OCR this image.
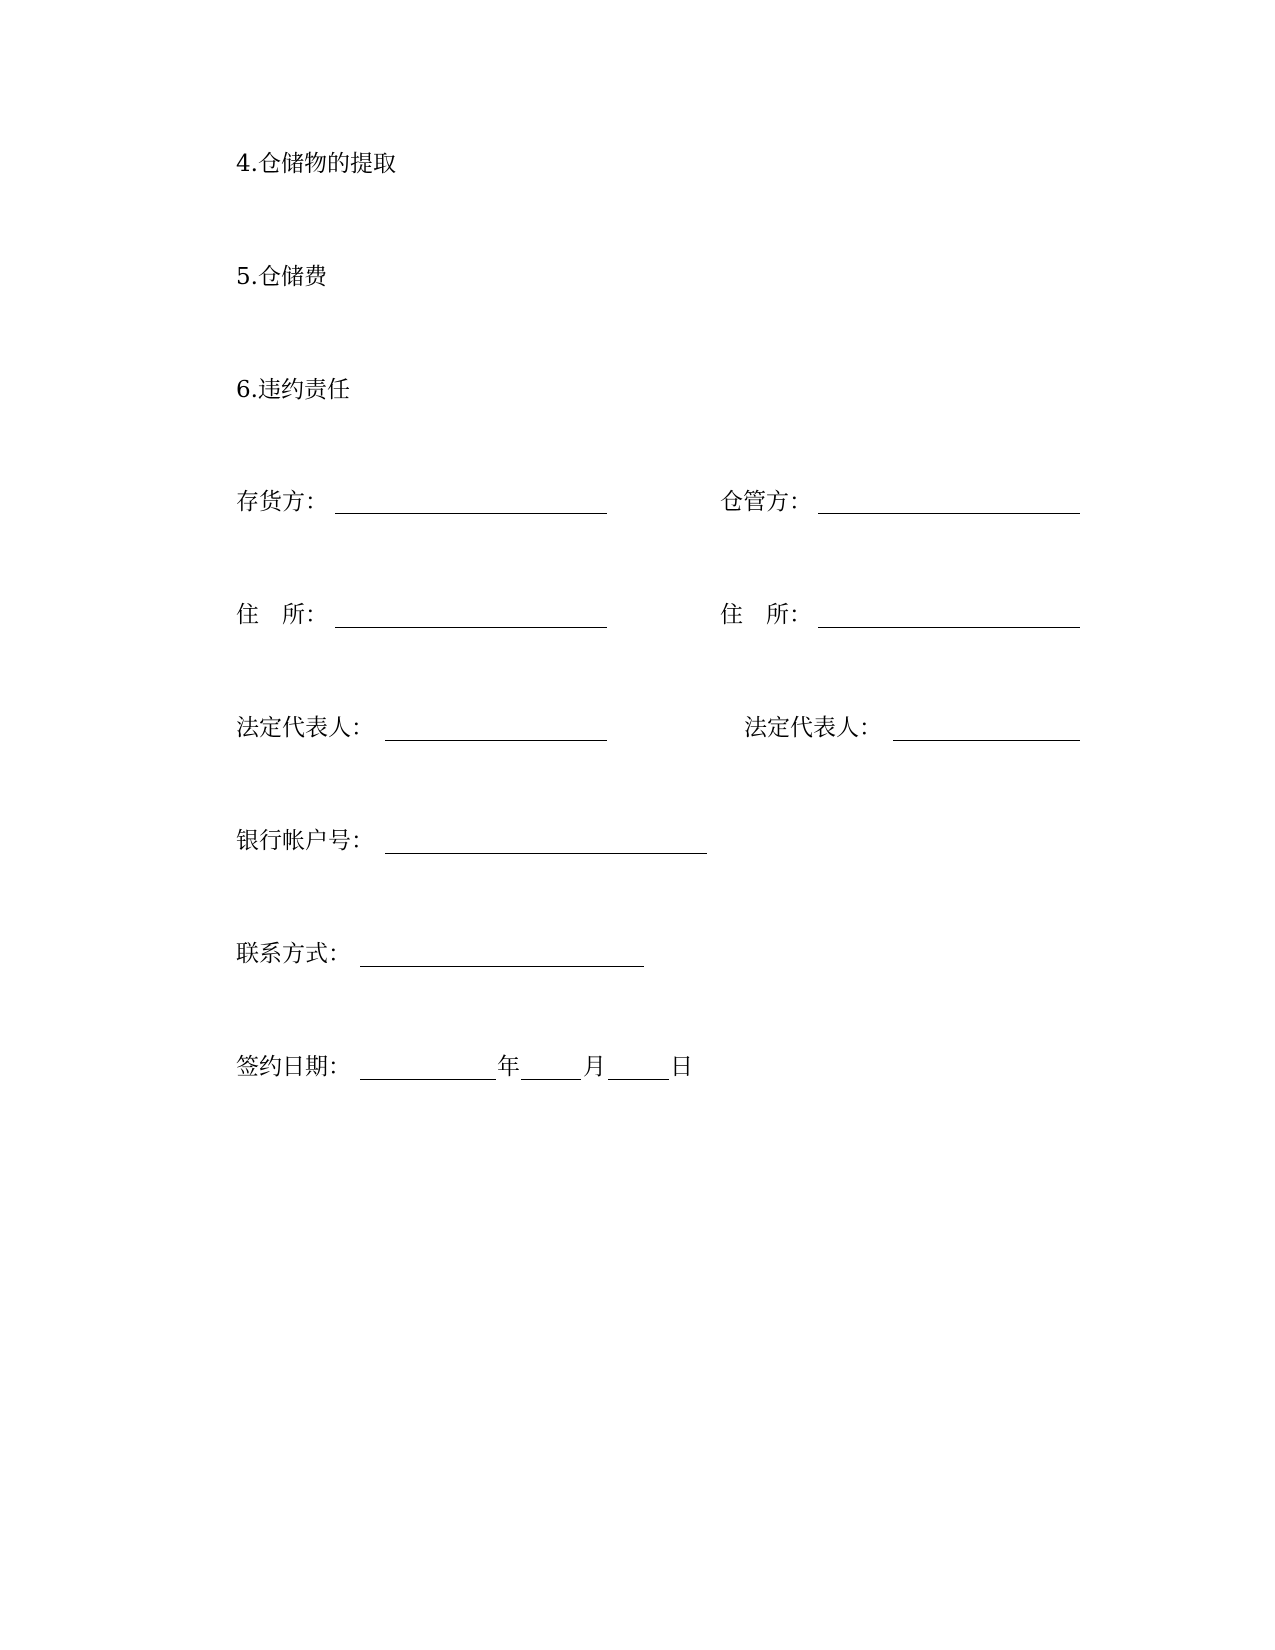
4.仓储物的提取
5.仓储费
6.违约责任
存货方：	仓管方：
住　所：	住　所：
法定代表人：	法定代表人：
银行帐户号：
联系方式：
签约日期：	年	月	日
